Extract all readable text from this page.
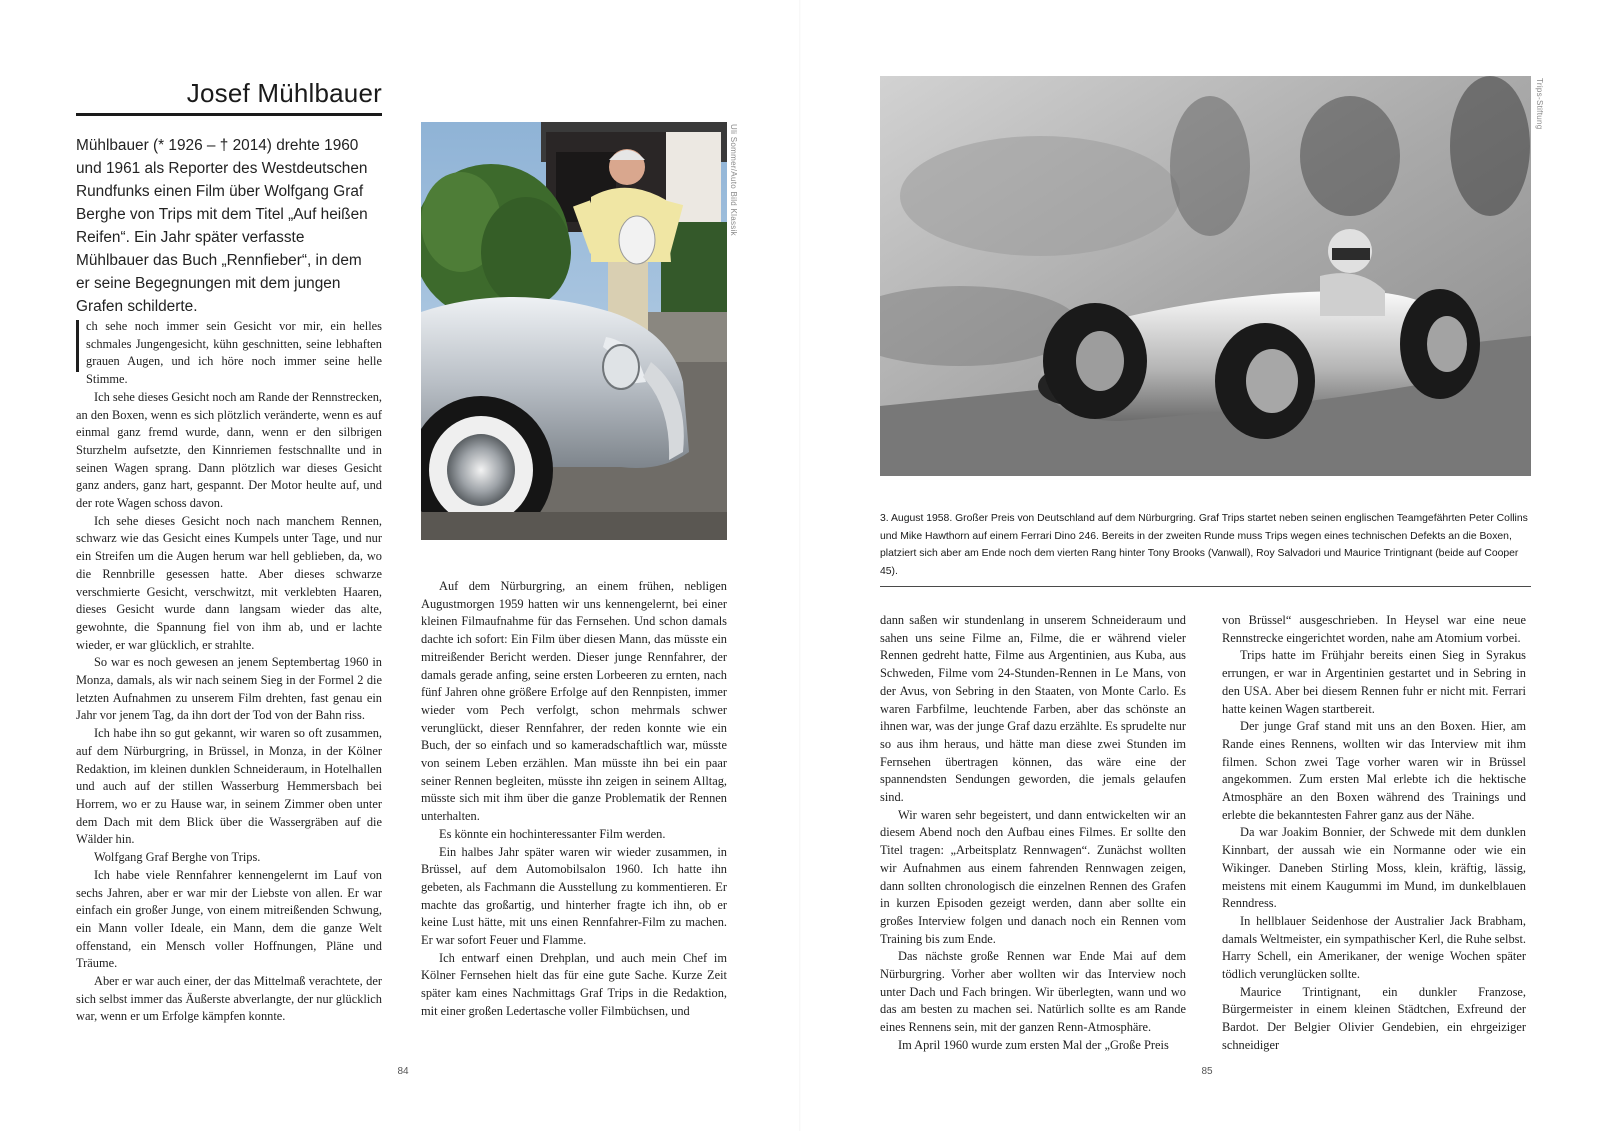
Josef Mühlbauer
Mühlbauer (* 1926 – † 2014) drehte 1960 und 1961 als Reporter des Westdeutschen Rundfunks einen Film über Wolfgang Graf Berghe von Trips mit dem Titel „Auf heißen Reifen“. Ein Jahr später verfasste Mühlbauer das Buch „Rennfieber“, in dem er seine Begegnungen mit dem jungen Grafen schilderte.
Uli Sommer/Auto Bild Klassik

ch sehe noch immer sein Gesicht vor mir, ein helles schmales Jungengesicht, kühn geschnitten, seine lebhaften grauen Augen, und ich höre noch immer seine helle Stimme.

Ich sehe dieses Gesicht noch am Rande der Rennstrecken, an den Boxen, wenn es sich plötzlich veränderte, wenn es auf einmal ganz fremd wurde, dann, wenn er den silbrigen Sturzhelm aufsetzte, den Kinnriemen festschnallte und in seinen Wagen sprang. Dann plötzlich war dieses Gesicht ganz anders, ganz hart, gespannt. Der Motor heulte auf, und der rote Wagen schoss davon.

Ich sehe dieses Gesicht noch nach manchem Rennen, schwarz wie das Gesicht eines Kumpels unter Tage, und nur ein Streifen um die Augen herum war hell geblieben, da, wo die Rennbrille gesessen hatte. Aber dieses schwarze verschmierte Gesicht, verschwitzt, mit verklebten Haaren, dieses Gesicht wurde dann langsam wieder das alte, gewohnte, die Spannung fiel von ihm ab, und er lachte wieder, er war glücklich, er strahlte.

So war es noch gewesen an jenem Septembertag 1960 in Monza, damals, als wir nach seinem Sieg in der Formel 2 die letzten Aufnahmen zu unserem Film drehten, fast genau ein Jahr vor jenem Tag, da ihn dort der Tod von der Bahn riss.

Ich habe ihn so gut gekannt, wir waren so oft zusammen, auf dem Nürburgring, in Brüssel, in Monza, in der Kölner Redaktion, im kleinen dunklen Schneideraum, in Hotelhallen und auch auf der stillen Wasserburg Hemmersbach bei Horrem, wo er zu Hause war, in seinem Zimmer oben unter dem Dach mit dem Blick über die Wassergräben auf die Wälder hin.

Wolfgang Graf Berghe von Trips.

Ich habe viele Rennfahrer kennengelernt im Lauf von sechs Jahren, aber er war mir der Liebste von allen. Er war einfach ein großer Junge, von einem mitreißenden Schwung, ein Mann voller Ideale, ein Mann, dem die ganze Welt offenstand, ein Mensch voller Hoffnungen, Pläne und Träume.

Aber er war auch einer, der das Mittelmaß verachtete, der sich selbst immer das Äußerste abverlangte, der nur glücklich war, wenn er um Erfolge kämpfen konnte.

Auf dem Nürburgring, an einem frühen, nebligen Augustmorgen 1959 hatten wir uns kennengelernt, bei einer kleinen Filmaufnahme für das Fernsehen. Und schon damals dachte ich sofort: Ein Film über diesen Mann, das müsste ein mitreißender Bericht werden. Dieser junge Rennfahrer, der damals gerade anfing, seine ersten Lorbeeren zu ernten, nach fünf Jahren ohne größere Erfolge auf den Rennpisten, immer wieder vom Pech verfolgt, schon mehrmals schwer verunglückt, dieser Rennfahrer, der reden konnte wie ein Buch, der so einfach und so kameradschaftlich war, müsste von seinem Leben erzählen. Man müsste ihn bei ein paar seiner Rennen begleiten, müsste ihn zeigen in seinem Alltag, müsste sich mit ihm über die ganze Problematik der Rennen unterhalten.

Es könnte ein hochinteressanter Film werden.

Ein halbes Jahr später waren wir wieder zusammen, in Brüssel, auf dem Automobilsalon 1960. Ich hatte ihn gebeten, als Fachmann die Ausstellung zu kommentieren. Er machte das großartig, und hinterher fragte ich ihn, ob er keine Lust hätte, mit uns einen Rennfahrer-Film zu machen. Er war sofort Feuer und Flamme.

Ich entwarf einen Drehplan, und auch mein Chef im Kölner Fernsehen hielt das für eine gute Sache. Kurze Zeit später kam eines Nachmittags Graf Trips in die Redaktion, mit einer großen Ledertasche voller Filmbüchsen, und

84
Trips-Stiftung
3. August 1958. Großer Preis von Deutschland auf dem Nürburgring. Graf Trips startet neben seinen englischen Teamgefährten Peter Collins und Mike Hawthorn auf einem Ferrari Dino 246. Bereits in der zweiten Runde muss Trips wegen eines technischen Defekts an die Boxen, platziert sich aber am Ende noch dem vierten Rang hinter Tony Brooks (Vanwall), Roy Salvadori und Maurice Trintignant (beide auf Cooper 45).

dann saßen wir stundenlang in unserem Schneideraum und sahen uns seine Filme an, Filme, die er während vieler Rennen gedreht hatte, Filme aus Argentinien, aus Kuba, aus Schweden, Filme vom 24-Stunden-Rennen in Le Mans, von der Avus, von Sebring in den Staaten, von Monte Carlo. Es waren Farbfilme, leuchtende Farben, aber das schönste an ihnen war, was der junge Graf dazu erzählte. Es sprudelte nur so aus ihm heraus, und hätte man diese zwei Stunden im Fernsehen übertragen können, das wäre eine der spannendsten Sendungen geworden, die jemals gelaufen sind.

Wir waren sehr begeistert, und dann entwickelten wir an diesem Abend noch den Aufbau eines Filmes. Er sollte den Titel tragen: „Arbeitsplatz Rennwagen“. Zunächst wollten wir Aufnahmen aus einem fahrenden Rennwagen zeigen, dann sollten chronologisch die einzelnen Rennen des Grafen in kurzen Episoden gezeigt werden, dann aber sollte ein großes Interview folgen und danach noch ein Rennen vom Training bis zum Ende.

Das nächste große Rennen war Ende Mai auf dem Nürburgring. Vorher aber wollten wir das Interview noch unter Dach und Fach bringen. Wir überlegten, wann und wo das am besten zu machen sei. Natürlich sollte es am Rande eines Rennens sein, mit der ganzen Renn-Atmosphäre.

Im April 1960 wurde zum ersten Mal der „Große Preis

von Brüssel“ ausgeschrieben. In Heysel war eine neue Rennstrecke eingerichtet worden, nahe am Atomium vorbei.

Trips hatte im Frühjahr bereits einen Sieg in Syrakus errungen, er war in Argentinien gestartet und in Sebring in den USA. Aber bei diesem Rennen fuhr er nicht mit. Ferrari hatte keinen Wagen startbereit.

Der junge Graf stand mit uns an den Boxen. Hier, am Rande eines Rennens, wollten wir das Interview mit ihm filmen. Schon zwei Tage vorher waren wir in Brüssel angekommen. Zum ersten Mal erlebte ich die hektische Atmosphäre an den Boxen während des Trainings und erlebte die bekanntesten Fahrer ganz aus der Nähe.

Da war Joakim Bonnier, der Schwede mit dem dunklen Kinnbart, der aussah wie ein Normanne oder wie ein Wikinger. Daneben Stirling Moss, klein, kräftig, lässig, meistens mit einem Kaugummi im Mund, im dunkelblauen Renndress.

In hellblauer Seidenhose der Australier Jack Brabham, damals Weltmeister, ein sympathischer Kerl, die Ruhe selbst. Harry Schell, ein Amerikaner, der wenige Wochen später tödlich verunglücken sollte.

Maurice Trintignant, ein dunkler Franzose, Bürgermeister in einem kleinen Städtchen, Exfreund der Bardot. Der Belgier Olivier Gendebien, ein ehrgeiziger schneidiger

85
